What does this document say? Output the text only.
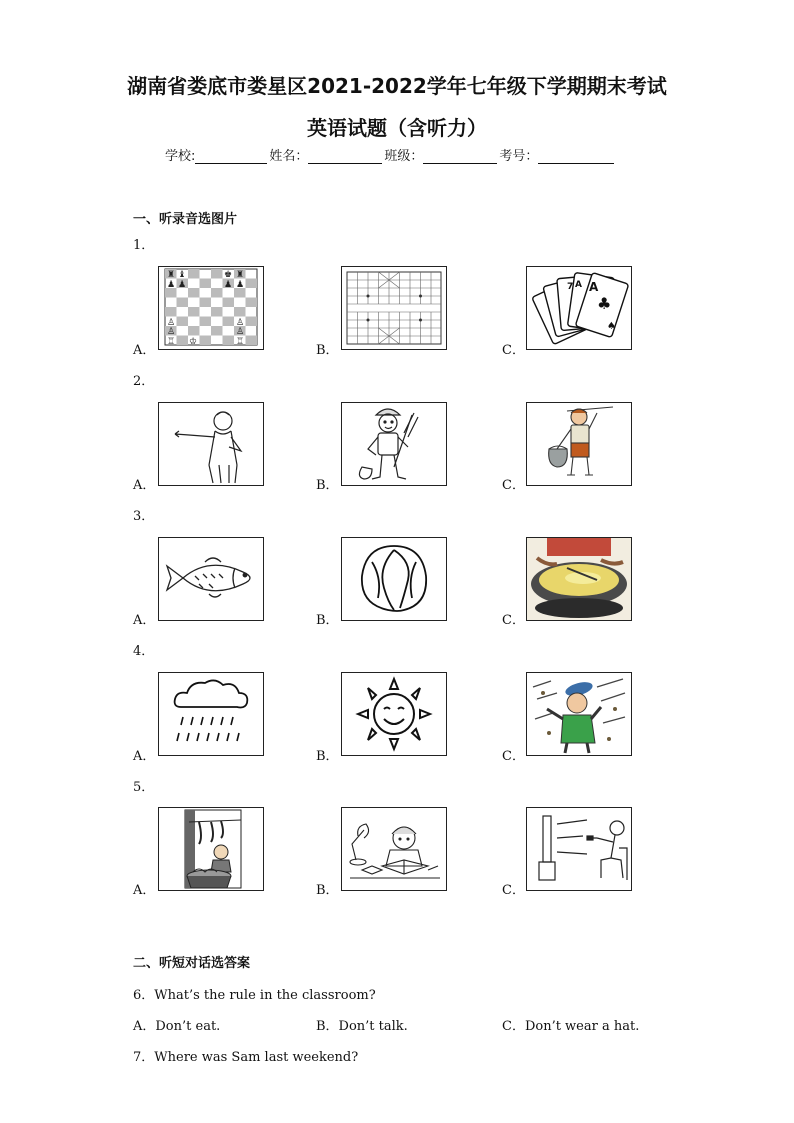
湖南省娄底市娄星区2021-2022学年七年级下学期期末考试
英语试题（含听力）
学校:	姓名：	班级：	考号：
一、听录音选图片
1．
A．
♜ ♝	♚ ♜
♟ ♟	♟ ♟
♙	♙
♙	♙
♖ ♔	♖
B．	C．
A
♣
7 A
♠
2．
A．	B．	C．
3．
A．	B．	C．
4．
A．	B．	C．
5．
A．	B．	C．
二、听短对话选答案
6．What’s the rule in the classroom?
A．Don’t eat.	B．Don’t talk.	C．Don’t wear a hat.
7．Where was Sam last weekend?
